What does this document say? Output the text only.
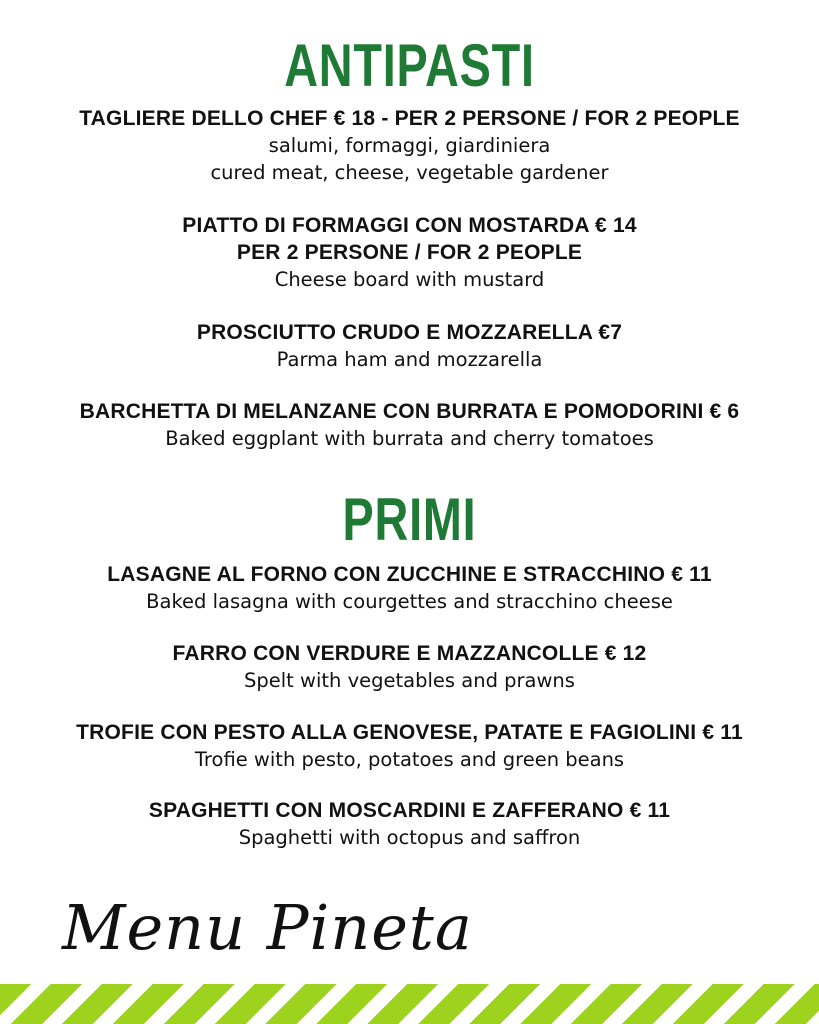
ANTIPASTI
TAGLIERE DELLO CHEF € 18 - PER 2 PERSONE / FOR 2 PEOPLE
salumi, formaggi, giardiniera
cured meat, cheese, vegetable gardener
PIATTO DI FORMAGGI CON MOSTARDA € 14
PER 2 PERSONE / FOR 2 PEOPLE
Cheese board with mustard
PROSCIUTTO CRUDO E MOZZARELLA €7
Parma ham and mozzarella
BARCHETTA DI MELANZANE CON BURRATA E POMODORINI € 6
Baked eggplant with burrata and cherry tomatoes
PRIMI
LASAGNE AL FORNO CON ZUCCHINE E STRACCHINO € 11
Baked lasagna with courgettes and stracchino cheese
FARRO CON VERDURE E MAZZANCOLLE € 12
Spelt with vegetables and prawns
TROFIE CON PESTO ALLA GENOVESE, PATATE E FAGIOLINI € 11
Trofie with pesto, potatoes and green beans
SPAGHETTI CON MOSCARDINI E ZAFFERANO € 11
Spaghetti with octopus and saffron
Menu Pineta
